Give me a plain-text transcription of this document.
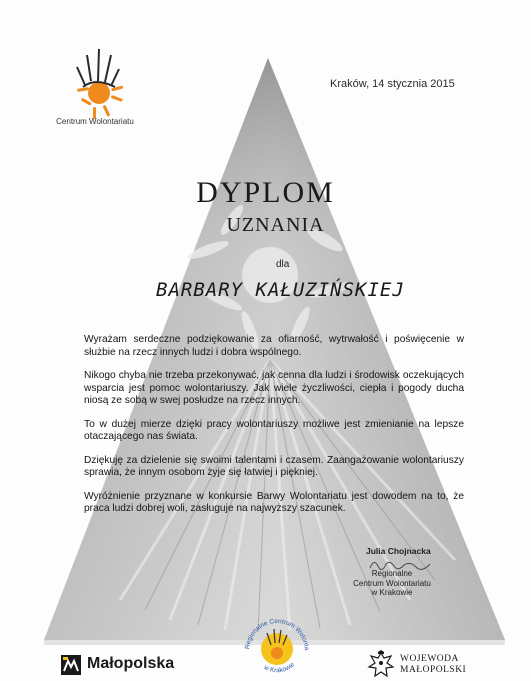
Centrum Wolontariatu
Kraków, 14 stycznia 2015
DYPLOM
UZNANIA
dla
BARBARY KAŁUZIŃSKIEJ

Wyrażam serdeczne podziękowanie za ofiarność, wytrwałość i poświęcenie w służbie na rzecz innych ludzi i dobra wspólnego.

Nikogo chyba nie trzeba przekonywać, jak cenna dla ludzi i środowisk oczekujących wsparcia jest pomoc wolontariuszy. Jak wiele życzliwości, ciepła i pogody ducha niosą ze sobą w swej posłudze na rzecz innych.

To w dużej mierze dzięki pracy wolontariuszy możliwe jest zmienianie na lepsze otaczającego nas świata.

Dziękuję za dzielenie się swoimi talentami i czasem. Zaangażowanie wolontariuszy sprawia, że innym osobom żyje się łatwiej i piękniej.

Wyróżnienie przyznane w konkursie Barwy Wolontariatu jest dowodem na to, że praca ludzi dobrej woli, zasługuje na najwyższy szacunek.

Julia Chojnacka
Regionalne
Centrum Wolontariatu
w Krakowie
Małopolska
Regionalne Centrum Wolonta
w Krakowie
WOJEWODA
MAŁOPOLSKI
